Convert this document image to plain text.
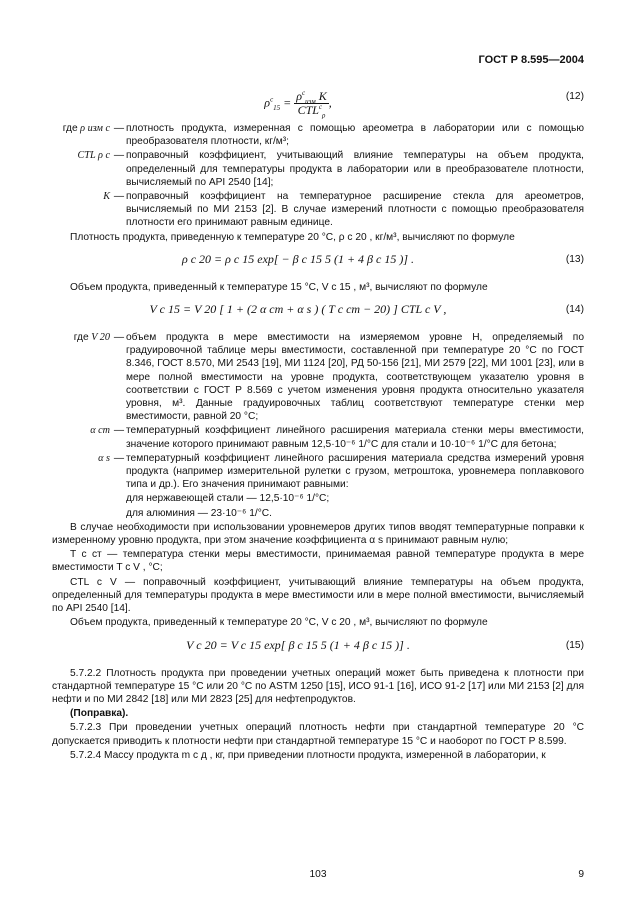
ГОСТ Р 8.595—2004
$\rho^c_{15} = \frac{\rho^c_{изм} K}{CTL^c_\rho}$ ,	(12)
где ρ изм c — плотность продукта, измеренная с помощью ареометра в лаборатории или с помощью преобразователя плотности, кг/м³;
CTL ρ c — поправочный коэффициент, учитывающий влияние температуры на объем продукта, определенный для температуры продукта в лаборатории или в преобразователе плотности, вычисляемый по API 2540 [14];
K — поправочный коэффициент на температурное расширение стекла для ареометров, вычисляемый по МИ 2153 [2]. В случае измерений плотности с помощью преобразователя плотности его принимают равным единице.

Плотность продукта, приведенную к температуре 20 °С, ρ c 20 , кг/м³, вычисляют по формуле

ρ c 20 = ρ c 15 exp[ − β c 15 5 (1 + 4 β c 15 )] .	(13)

Объем продукта, приведенный к температуре 15 °С, V c 15 , м³, вычисляют по формуле

V c 15 = V 20 [ 1 + (2 α ст + α s ) ( T c ст − 20) ] CTL c V ,	(14)
где V 20 — объем продукта в мере вместимости на измеряемом уровне H, определяемый по градуировочной таблице меры вместимости, составленной при температуре 20 °С по ГОСТ 8.346, ГОСТ 8.570, МИ 2543 [19], МИ 1124 [20], РД 50-156 [21], МИ 2579 [22], МИ 1001 [23], или в мере полной вместимости на уровне продукта, соответствующем указателю уровня в соответствии с ГОСТ Р 8.569 с учетом изменения уровня продукта относительно указателя уровня, м³. Данные градуировочных таблиц соответствуют температуре стенки мер вместимости, равной 20 °С;
α ст — температурный коэффициент линейного расширения материала стенки меры вместимости, значение которого принимают равным 12,5·10⁻⁶ 1/°С для стали и 10·10⁻⁶ 1/°С для бетона;
α s — температурный коэффициент линейного расширения материала средства измерений уровня продукта (например измерительной рулетки с грузом, метроштока, уровнемера поплавкового типа и др.). Его значения принимают равными:
для нержавеющей стали — 12,5·10⁻⁶ 1/°С;
для алюминия — 23·10⁻⁶ 1/°С.

В случае необходимости при использовании уровнемеров других типов вводят температурные поправки к измеренному уровню продукта, при этом значение коэффициента α s принимают равным нулю;

T c ст — температура стенки меры вместимости, принимаемая равной температуре продукта в мере вместимости T c V , °С;

CTL c V — поправочный коэффициент, учитывающий влияние температуры на объем продукта, определенный для температуры продукта в мере вместимости или в мере полной вместимости, вычисляемый по API 2540 [14].

Объем продукта, приведенный к температуре 20 °С, V c 20 , м³, вычисляют по формуле

V c 20 = V c 15 exp[ β c 15 5 (1 + 4 β c 15 )] .	(15)

5.7.2.2 Плотность продукта при проведении учетных операций может быть приведена к плотности при стандартной температуре 15 °С или 20 °С по ASTM 1250 [15], ИСО 91-1 [16], ИСО 91-2 [17] или МИ 2153 [2] для нефти и по МИ 2842 [18] или МИ 2823 [25] для нефтепродуктов.

(Поправка).

5.7.2.3 При проведении учетных операций плотность нефти при стандартной температуре 20 °С допускается приводить к плотности нефти при стандартной температуре 15 °С и наоборот по ГОСТ Р 8.599.

5.7.2.4 Массу продукта m c д , кг, при приведении плотности продукта, измеренной в лаборатории, к

103	9
